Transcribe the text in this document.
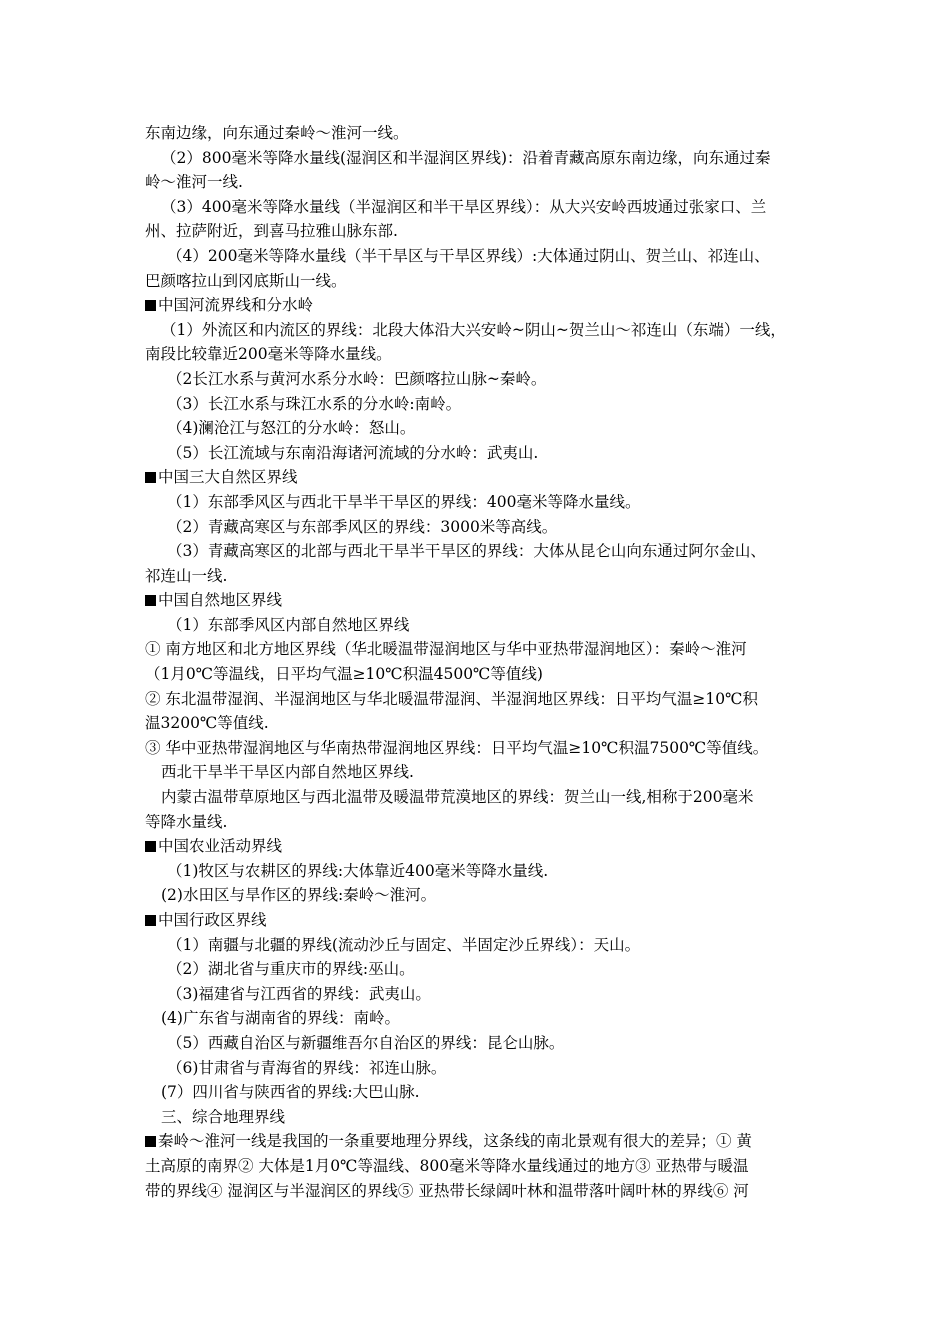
东南边缘，向东通过秦岭～淮河一线。
（2）800毫米等降水量线(湿润区和半湿润区界线)：沿着青藏高原东南边缘，向东通过秦
岭～淮河一线.
（3）400毫米等降水量线（半湿润区和半干旱区界线）：从大兴安岭西坡通过张家口、兰
州、拉萨附近，到喜马拉雅山脉东部.
（4）200毫米等降水量线（半干旱区与干旱区界线）:大体通过阴山、贺兰山、祁连山、
巴颜喀拉山到冈底斯山一线。
中国河流界线和分水岭
（1）外流区和内流区的界线：北段大体沿大兴安岭~阴山~贺兰山～祁连山（东端）一线，
南段比较靠近200毫米等降水量线。
（2长江水系与黄河水系分水岭：巴颜喀拉山脉~秦岭。
（3）长江水系与珠江水系的分水岭:南岭。
（4)澜沧江与怒江的分水岭：怒山。
（5）长江流域与东南沿海诸河流域的分水岭：武夷山.
中国三大自然区界线
（1）东部季风区与西北干旱半干旱区的界线：400毫米等降水量线。
（2）青藏高寒区与东部季风区的界线：3000米等高线。
（3）青藏高寒区的北部与西北干旱半干旱区的界线：大体从昆仑山向东通过阿尔金山、
祁连山一线.
中国自然地区界线
（1）东部季风区内部自然地区界线
① 南方地区和北方地区界线（华北暖温带湿润地区与华中亚热带湿润地区）：秦岭～淮河
（1月0℃等温线，日平均气温≥10℃积温4500℃等值线)
② 东北温带湿润、半湿润地区与华北暖温带湿润、半湿润地区界线：日平均气温≥10℃积
温3200℃等值线.
③ 华中亚热带湿润地区与华南热带湿润地区界线：日平均气温≥10℃积温7500℃等值线。
西北干旱半干旱区内部自然地区界线.
内蒙古温带草原地区与西北温带及暖温带荒漠地区的界线：贺兰山一线,相称于200毫米
等降水量线.
中国农业活动界线
（1)牧区与农耕区的界线:大体靠近400毫米等降水量线.
(2)水田区与旱作区的界线:秦岭～淮河。
中国行政区界线
（1）南疆与北疆的界线(流动沙丘与固定、半固定沙丘界线）：天山。
（2）湖北省与重庆市的界线:巫山。
（3)福建省与江西省的界线：武夷山。
(4)广东省与湖南省的界线：南岭。
（5）西藏自治区与新疆维吾尔自治区的界线：昆仑山脉。
（6)甘肃省与青海省的界线：祁连山脉。
(7）四川省与陕西省的界线:大巴山脉.
三、综合地理界线
秦岭～淮河一线是我国的一条重要地理分界线，这条线的南北景观有很大的差异；① 黄
土高原的南界② 大体是1月0℃等温线、800毫米等降水量线通过的地方③ 亚热带与暖温
带的界线④ 湿润区与半湿润区的界线⑤ 亚热带长绿阔叶林和温带落叶阔叶林的界线⑥ 河
